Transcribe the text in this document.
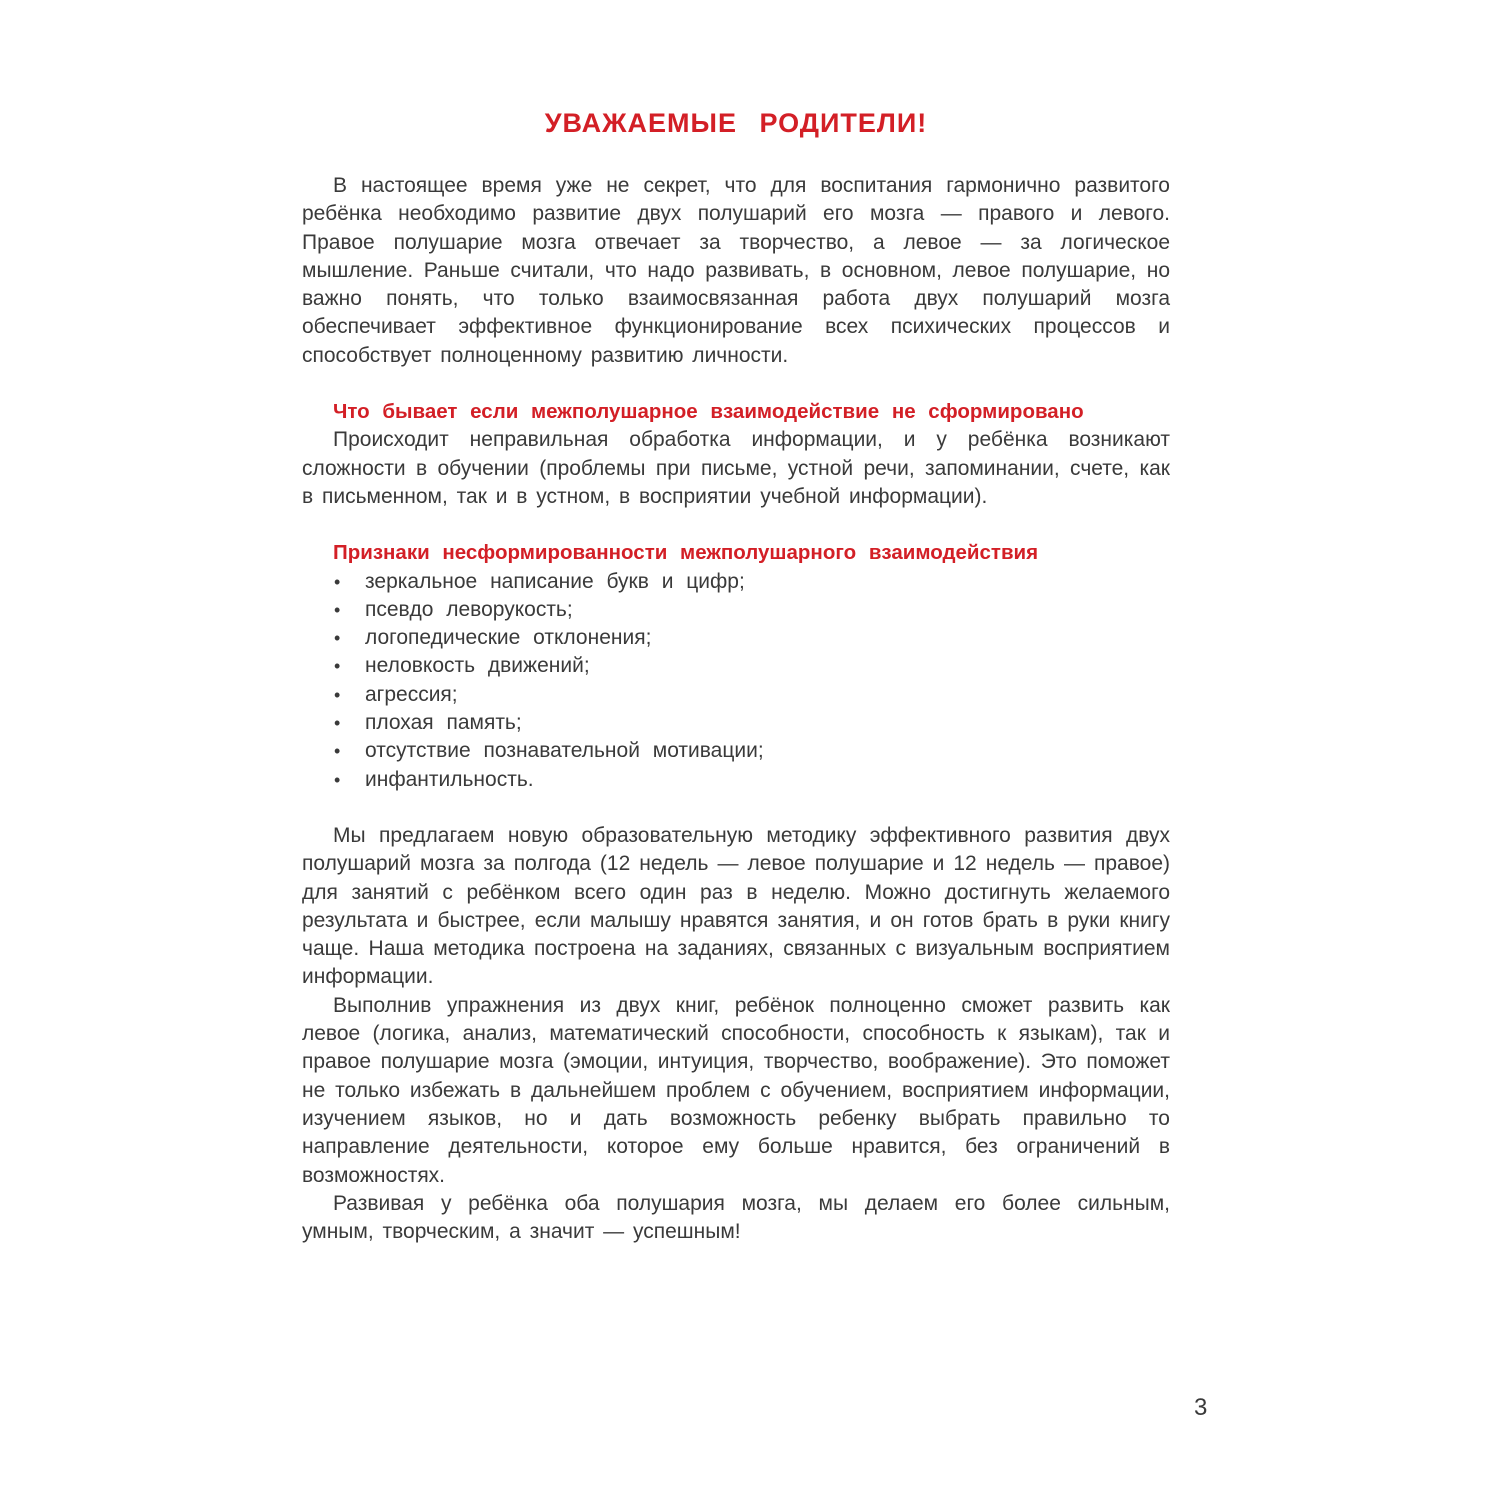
УВАЖАЕМЫЕ РОДИТЕЛИ!

В настоящее время уже не секрет, что для воспитания гармонично развитого ребёнка необходимо развитие двух полушарий его мозга — правого и левого. Правое полушарие мозга отвечает за творчество, а левое — за логическое мышление. Раньше считали, что надо развивать, в основном, левое полушарие, но важно понять, что только взаимосвязанная работа двух полушарий мозга обеспечивает эффективное функционирование всех психических процессов и способствует полноценному развитию личности.

Что бывает если межполушарное взаимодействие не сформировано

Происходит неправильная обработка информации, и у ребёнка возникают сложности в обучении (проблемы при письме, устной речи, запоминании, счете, как в письменном, так и в устном, в восприятии учебной информации).

Признаки несформированности межполушарного взаимодействия
• зеркальное написание букв и цифр;
• псевдо леворукость;
• логопедические отклонения;
• неловкость движений;
• агрессия;
• плохая память;
• отсутствие познавательной мотивации;
• инфантильность.

Мы предлагаем новую образовательную методику эффективного развития двух полушарий мозга за полгода (12 недель — левое полушарие и 12 недель — правое) для занятий с ребёнком всего один раз в неделю. Можно достигнуть желаемого результата и быстрее, если малышу нравятся занятия, и он готов брать в руки книгу чаще. Наша методика построена на заданиях, связанных с визуальным восприятием информации.

Выполнив упражнения из двух книг, ребёнок полноценно сможет развить как левое (логика, анализ, математический способности, способность к языкам), так и правое полушарие мозга (эмоции, интуиция, творчество, воображение). Это поможет не только избежать в дальнейшем проблем с обучением, восприятием информации, изучением языков, но и дать возможность ребенку выбрать правильно то направление деятельности, которое ему больше нравится, без ограничений в возможностях.

Развивая у ребёнка оба полушария мозга, мы делаем его более сильным, умным, творческим, а значит — успешным!

3
